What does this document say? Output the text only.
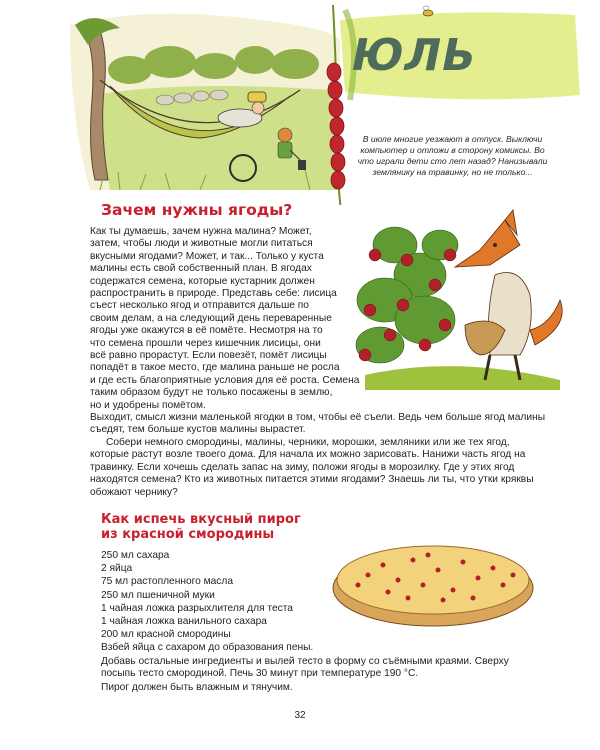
ЮЛЬ
В июле многие уезжают в отпуск. Выключи компьютер и отложи в сторону комиксы. Во что играли дети сто лет назад? Нанизывали землянику на травинку, но не только...
Зачем нужны ягоды?

Как ты думаешь, зачем нужна малина? Может,

затем, чтобы люди и животные могли питаться

вкусными ягодами? Может, и так... Только у куста

малины есть свой собственный план. В ягодах

содержатся семена, которые кустарник должен

распространить в природе. Представь себе: лисица

съест несколько ягод и отправится дальше по

своим делам, а на следующий день переваренные

ягоды уже окажутся в её помёте. Несмотря на то

что семена прошли через кишечник лисицы, они

всё равно прорастут. Если повезёт, помёт лисицы

попадёт в такое место, где малина раньше не росла

и где есть благоприятные условия для её роста. Семена

таким образом будут не только посажены в землю,

но и удобрены помётом.

Выходит, смысл жизни маленькой ягодки в том, чтобы её съели. Ведь чем больше ягод малины съедят, тем больше кустов малины вырастет.

Собери немного смородины, малины, черники, морошки, земляники или же тех ягод, которые растут возле твоего дома. Для начала их можно зарисовать. Нанижи часть ягод на травинку. Если хочешь сделать запас на зиму, положи ягоды в морозилку. Где у этих ягод находятся семена? Кто из животных питается этими ягодами? Знаешь ли ты, что утки кряквы обожают чернику?

Как испечь вкусный пирог
из красной смородины
250 мл сахара
2 яйца
75 мл растопленного масла
250 мл пшеничной муки
1 чайная ложка разрыхлителя для теста
1 чайная ложка ванильного сахара
200 мл красной смородины

Взбей яйца с сахаром до образования пены.

Добавь остальные ингредиенты и вылей тесто в форму со съёмными краями. Сверху посыпь тесто смородиной. Печь 30 минут при температуре 190 °С.

Пирог должен быть влажным и тянучим.

32
